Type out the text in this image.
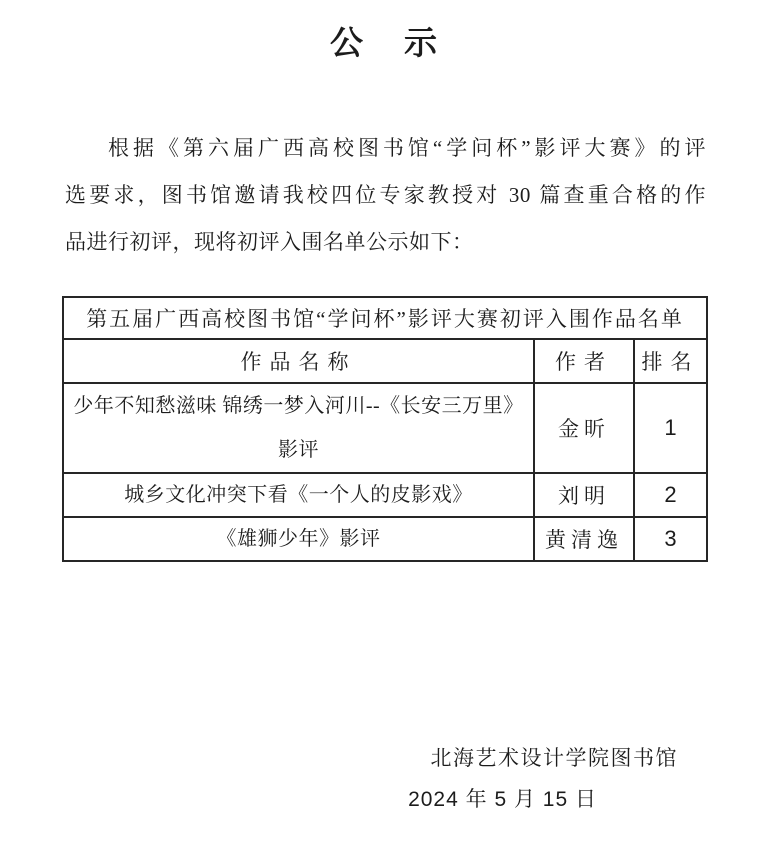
公　示
根据《第六届广西高校图书馆“学问杯”影评大赛》的评
选要求，图书馆邀请我校四位专家教授对 30 篇查重合格的作
品进行初评，现将初评入围名单公示如下：
第五届广西高校图书馆“学问杯”影评大赛初评入围作品名单		
作品名称	作者	排名
少年不知愁滋味 锦绣一梦入河川--《长安三万里》影评	金昕	1
城乡文化冲突下看《一个人的皮影戏》	刘明	2
《雄狮少年》影评	黄清逸	3
北海艺术设计学院图书馆
2024 年 5 月 15 日
